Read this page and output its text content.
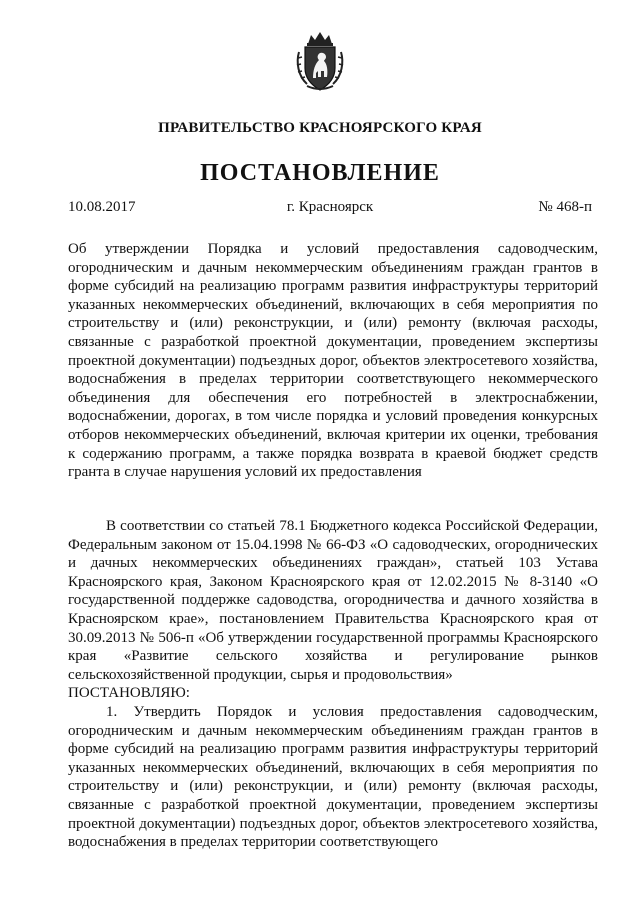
ПРАВИТЕЛЬСТВО КРАСНОЯРСКОГО КРАЯ
ПОСТАНОВЛЕНИЕ
г. Красноярск
10.08.2017	№ 468-п
Об утверждении Порядка и условий предоставления садоводческим, огородническим и дачным некоммерческим объединениям граждан грантов в форме субсидий на реализацию программ развития инфраструктуры территорий указанных некоммерческих объединений, включающих в себя мероприятия по строительству и (или) реконструкции, и (или) ремонту (включая расходы, связанные с разработкой проектной документации, проведением экспертизы проектной документации) подъездных дорог, объектов электросетевого хозяйства, водоснабжения в пределах территории соответствующего некоммерческого объединения для обеспечения его потребностей в электроснабжении, водоснабжении, дорогах, в том числе порядка и условий проведения конкурсных отборов некоммерческих объединений, включая критерии их оценки, требования к содержанию программ, а также порядка возврата в краевой бюджет средств гранта в случае нарушения условий их предоставления

В соответствии со статьей 78.1 Бюджетного кодекса Российской Федерации, Федеральным законом от 15.04.1998 № 66-ФЗ «О садоводческих, огороднических и дачных некоммерческих объединениях граждан», статьей 103 Устава Красноярского края, Законом Красноярского края от 12.02.2015 № 8-3140 «О государственной поддержке садоводства, огородничества и дачного хозяйства в Красноярском крае», постановлением Правительства Красноярского края от 30.09.2013 № 506-п «Об утверждении государственной программы Красноярского края «Развитие сельского хозяйства и регулирование рынков сельскохозяйственной продукции, сырья и продовольствия»

ПОСТАНОВЛЯЮ:

1. Утвердить Порядок и условия предоставления садоводческим, огородническим и дачным некоммерческим объединениям граждан грантов в форме субсидий на реализацию программ развития инфраструктуры территорий указанных некоммерческих объединений, включающих в себя мероприятия по строительству и (или) реконструкции, и (или) ремонту (включая расходы, связанные с разработкой проектной документации, проведением экспертизы проектной документации) подъездных дорог, объектов электросетевого хозяйства, водоснабжения в пределах территории соответствующего
